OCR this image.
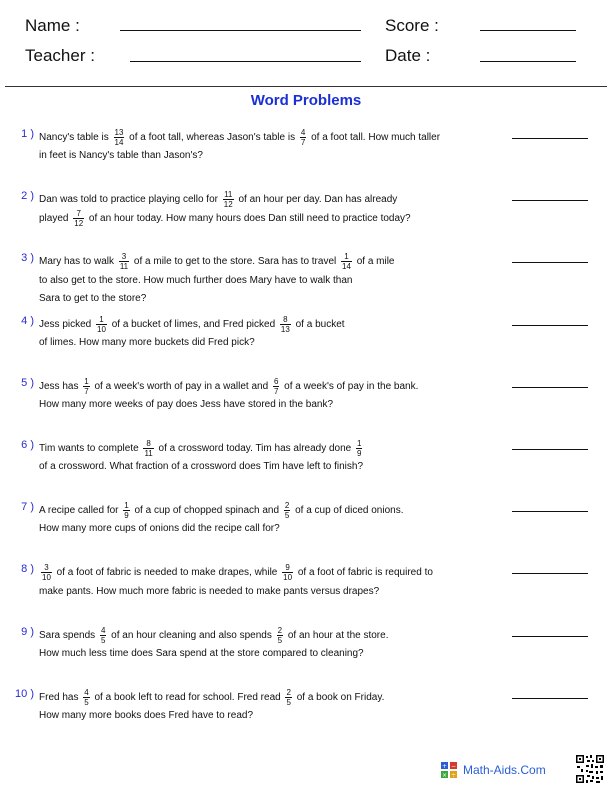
Name :	Score :
Teacher :	Date :
Word Problems
1 ) Nancy's table is $\frac{13}{14}$ of a foot tall, whereas Jason's table is $\frac{4}{7}$ of a foot tall. How much taller
in feet is Nancy's table than Jason's?
2 ) Dan was told to practice playing cello for $\frac{11}{12}$ of an hour per day. Dan has already
played $\frac{7}{12}$ of an hour today. How many hours does Dan still need to practice today?
3 ) Mary has to walk $\frac{3}{11}$ of a mile to get to the store. Sara has to travel $\frac{1}{14}$ of a mile
to also get to the store. How much further does Mary have to walk than
Sara to get to the store?
4 ) Jess picked $\frac{1}{10}$ of a bucket of limes, and Fred picked $\frac{8}{13}$ of a bucket
of limes. How many more buckets did Fred pick?
5 ) Jess has $\frac{1}{7}$ of a week's worth of pay in a wallet and $\frac{6}{7}$ of a week's of pay in the bank.
How many more weeks of pay does Jess have stored in the bank?
6 ) Tim wants to complete $\frac{8}{11}$ of a crossword today. Tim has already done $\frac{1}{9}$
of a crossword. What fraction of a crossword does Tim have left to finish?
7 ) A recipe called for $\frac{1}{9}$ of a cup of chopped spinach and $\frac{2}{5}$ of a cup of diced onions.
How many more cups of onions did the recipe call for?
8 ) $\frac{3}{10}$ of a foot of fabric is needed to make drapes, while $\frac{9}{10}$ of a foot of fabric is required to
make pants. How much more fabric is needed to make pants versus drapes?
9 ) Sara spends $\frac{4}{5}$ of an hour cleaning and also spends $\frac{2}{5}$ of an hour at the store.
How much less time does Sara spend at the store compared to cleaning?
10 ) Fred has $\frac{4}{5}$ of a book left to read for school. Fred read $\frac{2}{5}$ of a book on Friday.
How many more books does Fred have to read?
+ −
× ÷ Math-Aids.Com
